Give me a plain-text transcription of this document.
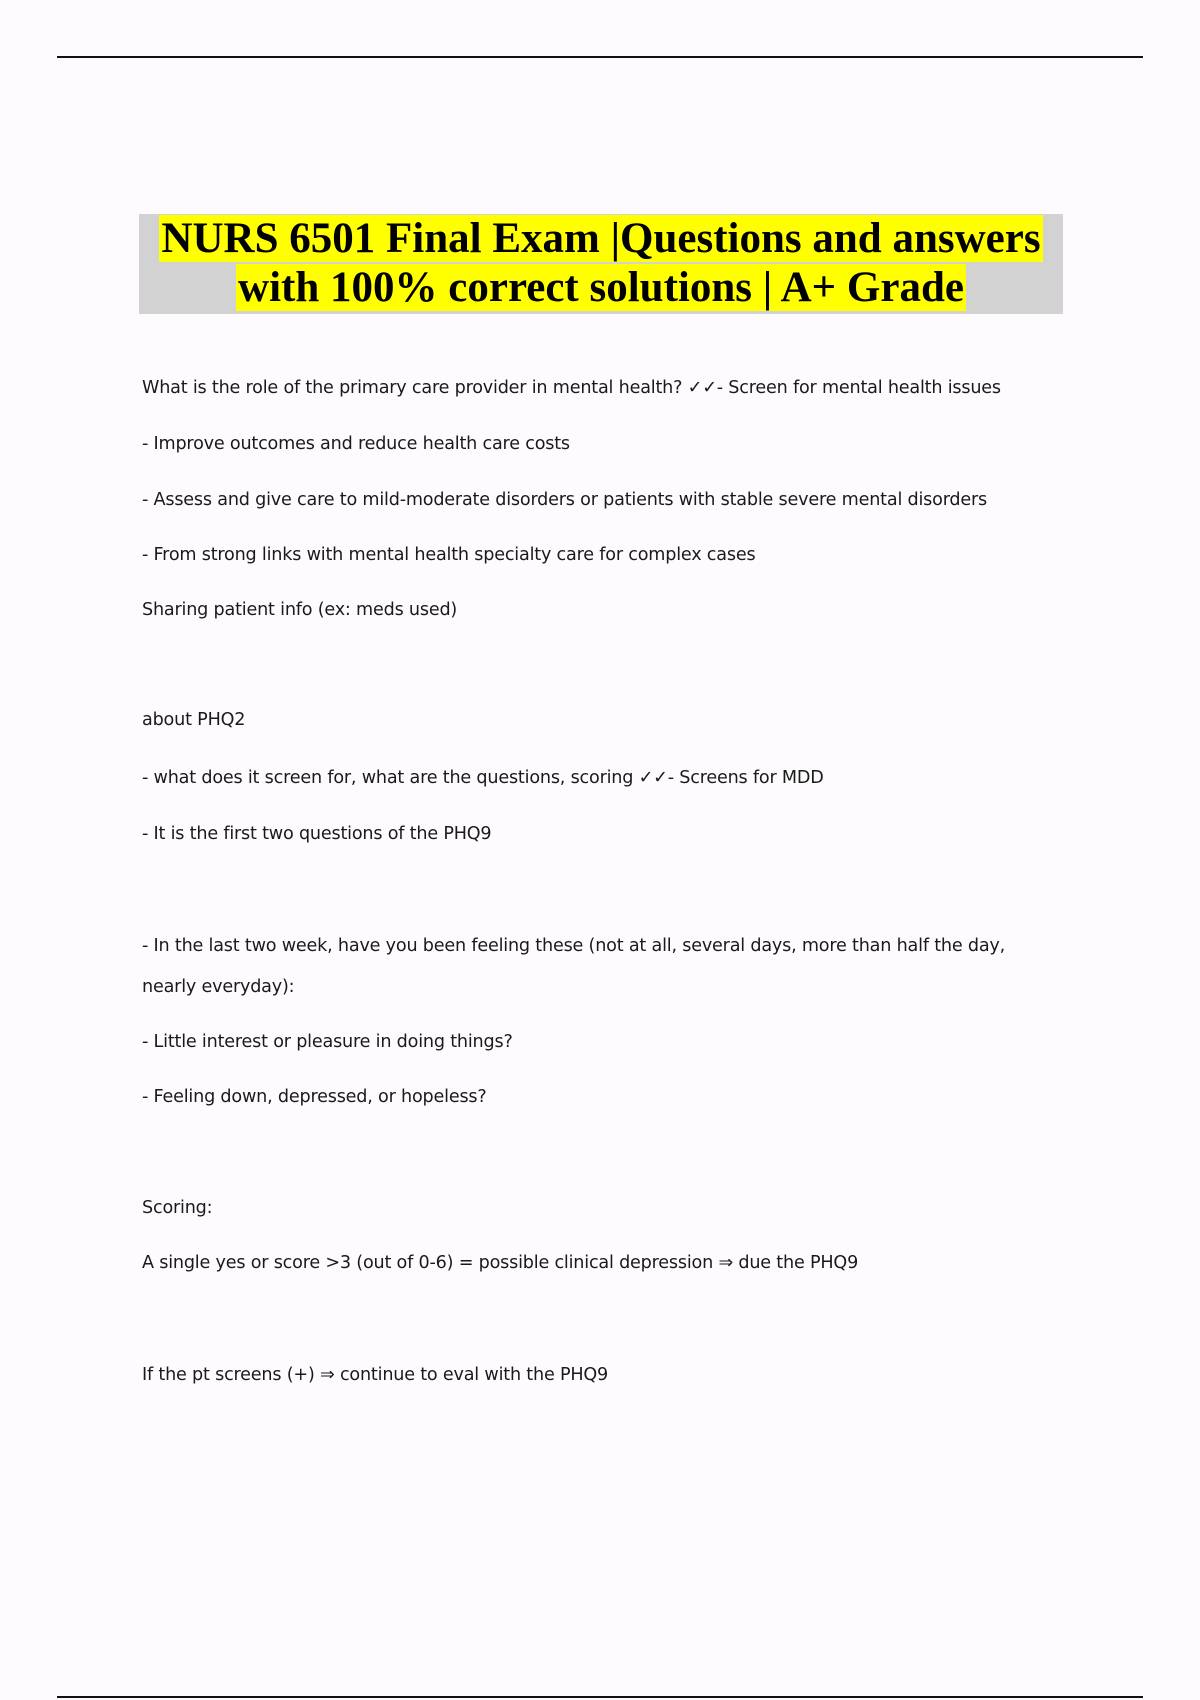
NURS 6501 Final Exam |Questions and answers
with 100% correct solutions | A+ Grade
What is the role of the primary care provider in mental health? ✓✓- Screen for mental health issues
- Improve outcomes and reduce health care costs
- Assess and give care to mild-moderate disorders or patients with stable severe mental disorders
- From strong links with mental health specialty care for complex cases
Sharing patient info (ex: meds used)
about PHQ2
- what does it screen for, what are the questions, scoring ✓✓- Screens for MDD
- It is the first two questions of the PHQ9
- In the last two week, have you been feeling these (not at all, several days, more than half the day, nearly everyday):
- Little interest or pleasure in doing things?
- Feeling down, depressed, or hopeless?
Scoring:
A single yes or score >3 (out of 0-6) = possible clinical depression ⇒ due the PHQ9
If the pt screens (+) ⇒ continue to eval with the PHQ9
